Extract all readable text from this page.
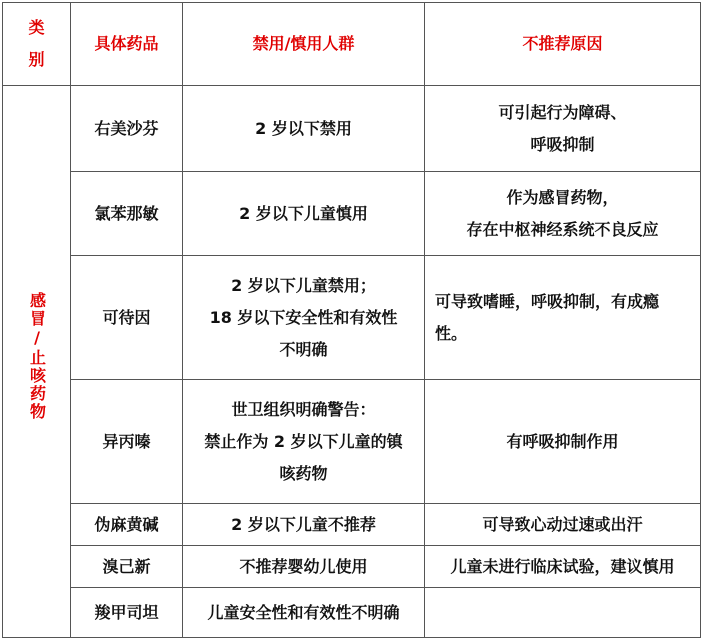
类别	具体药品	禁用/慎用人群	不推荐原因
感冒/止咳药物	右美沙芬	2 岁以下禁用	可引起行为障碍、
呼吸抑制

	氯苯那敏	2 岁以下儿童慎用	作为感冒药物，
存在中枢神经系统不良反应

	可待因	2 岁以下儿童禁用；
18 岁以下安全性和有效性
不明确	可导致嗜睡，呼吸抑制，有成瘾
性。

	异丙嗪	世卫组织明确警告：
禁止作为 2 岁以下儿童的镇
咳药物	有呼吸抑制作用

	伪麻黄碱	2 岁以下儿童不推荐	可导致心动过速或出汗

	溴己新	不推荐婴幼儿使用	儿童未进行临床试验，建议慎用

	羧甲司坦	儿童安全性和有效性不明确	
